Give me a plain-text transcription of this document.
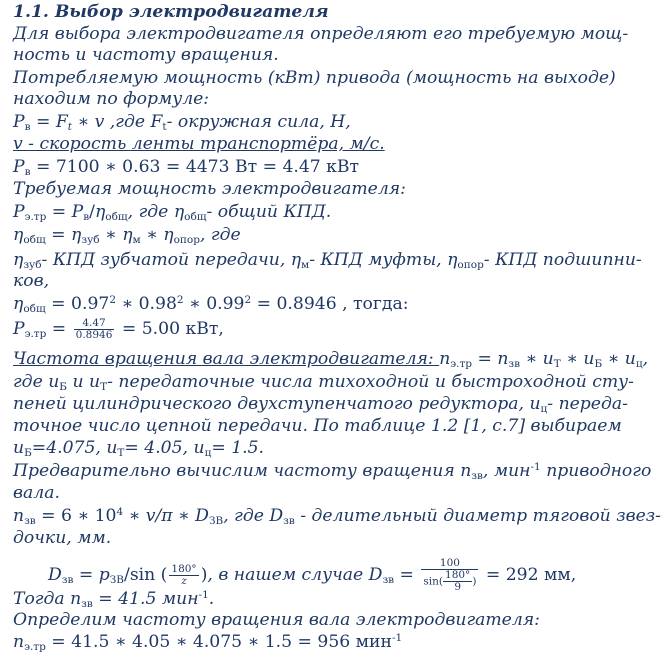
1.1. Выбор электродвигателя
Для выбора электродвигателя определяют его требуемую мощ-
ность и частоту вращения.
Потребляемую мощность (кВт) привода (мощность на выходе)
находим по формуле:
$P_в = F_t$ ∗ v ,где $F_t-$ окружная сила, Н,
v - скорость ленты транспортёра, м/с.
$P_в = 7100$ ∗ 0.63 = 4473 Вт = 4.47 кВт
Требуемая мощность электродвигателя:
$P_{э.тр} = P_в/\eta_{общ}$, где $\eta_{общ}-$ общий КПД.
$\eta_{общ} = \eta_{зуб}$ ∗ $\eta_м$ ∗ $\eta_{опор}$, где
$\eta_{зуб}-$ КПД зубчатой передачи, $\eta_м-$ КПД муфты, $\eta_{опор}-$ КПД подшипни-
ков,
$\eta_{общ} = 0.97^2$ ∗ 0.98$^2$ ∗ $0.99^2 = 0.8946$ , тогда:
$P_{э.тр} = \frac{4.47}{0.8946} = 5.00$ кВт,
Частота вращения вала электродвигателя: $n_{э.тр} = n_{зв}$ ∗ $u_Т$ ∗ $u_Б$ ∗ $u_ц$,
где $u_Б$ и $u_Т-$ передаточные числа тихоходной и быстроходной сту-
пеней цилиндрического двухступенчатого редуктора, $u_ц-$ переда-
точное число цепной передачи. По таблице 1.2 [1, с.7] выбираем
$u_Б=4.075$, $u_Т= 4.05$, $u_ц= 1.5$.
Предварительно вычислим частоту вращения $n_{зв}$, мин$^{-1}$ приводного
вала.
$n_{зв} = 6$ ∗ $10^4$ ∗ v/π ∗ $D_{ЗВ}$, где $D_{зв}$ - делительный диаметр тяговой звез-
дочки, мм.
$D_{зв} = p_{ЗВ}/\sin$ ( $\frac{180^\circ}{z}$ ), в нашем случае $D_{зв} = \frac{100}{\sin( \frac{180^\circ}{9} )} = 292$ мм,
Тогда $n_{зв} = 41.5$ мин$^{-1}$.
Определим частоту вращения вала электродвигателя:
$n_{э.тр} = 41.5$ ∗ 4.05 ∗ 4.075 ∗ 1.5 = 956 мин$^{-1}$
